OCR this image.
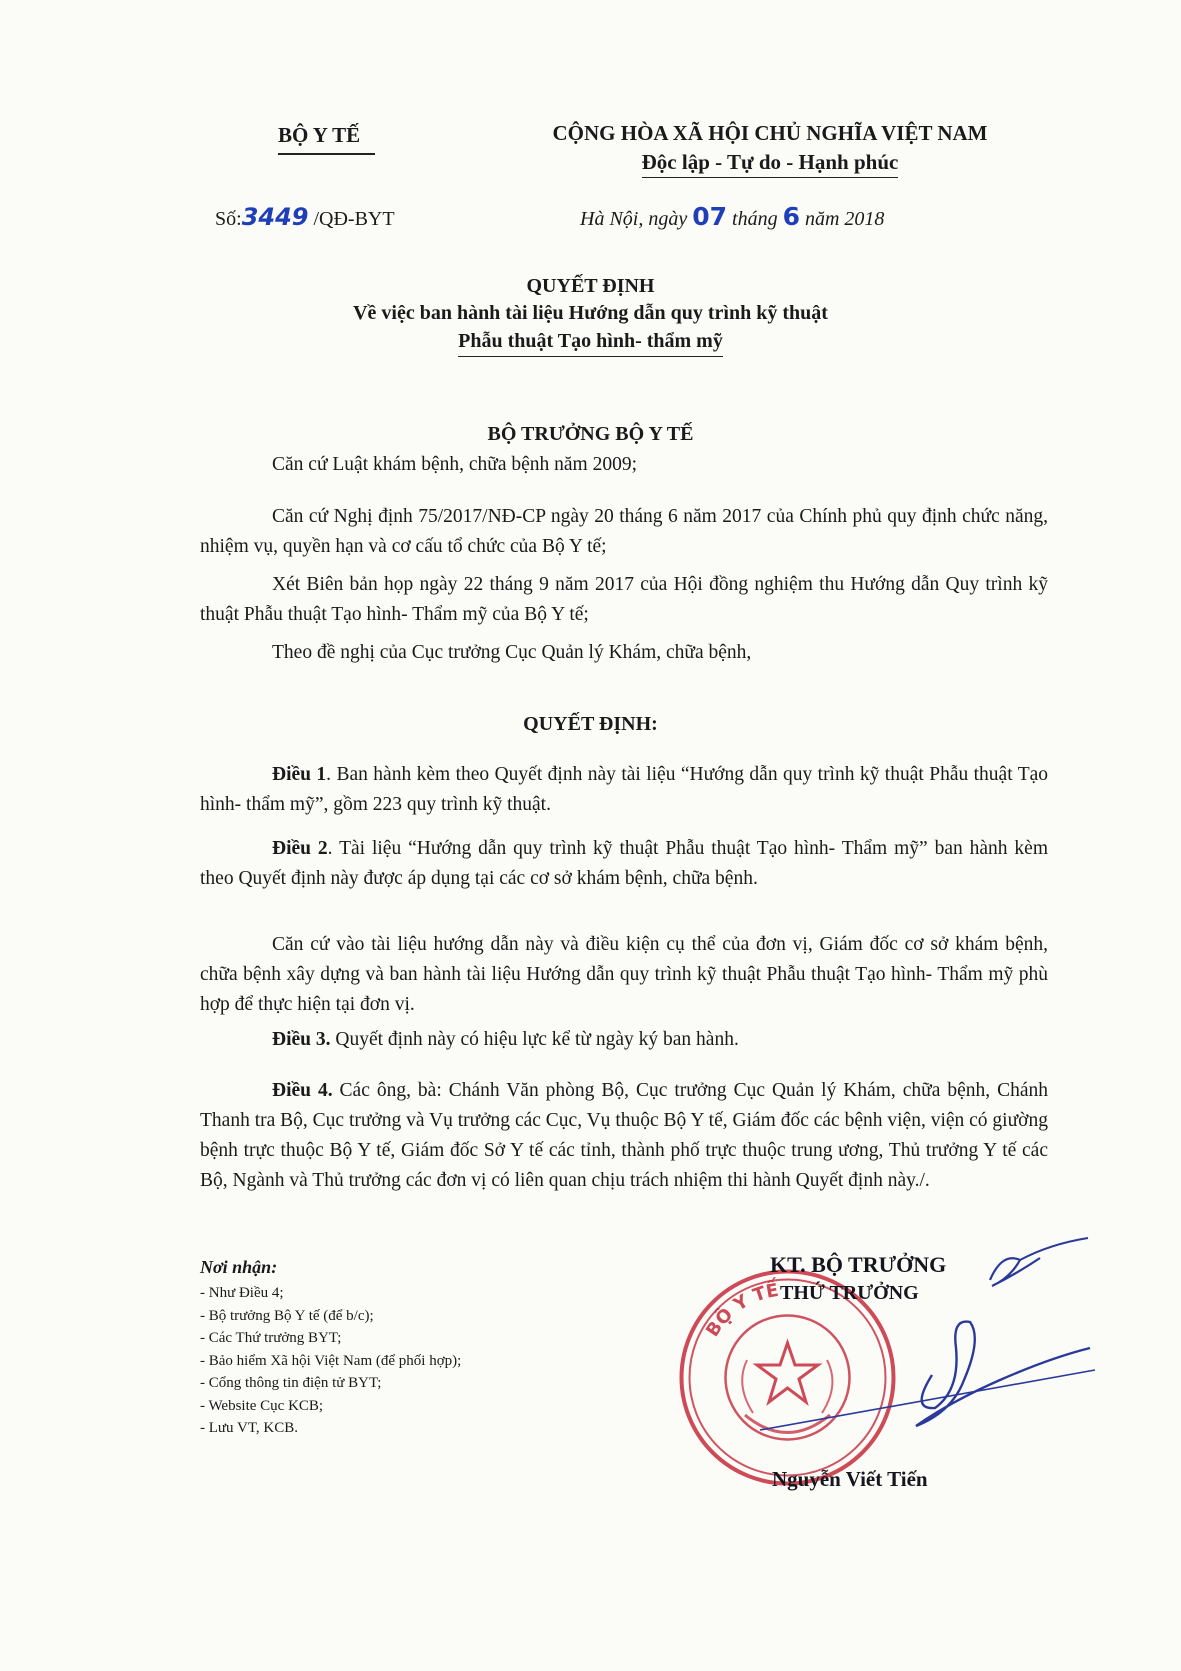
BỘ Y TẾ	CỘNG HÒA XÃ HỘI CHỦ NGHĨA VIỆT NAM
Độc lập - Tự do - Hạnh phúc
Số:3449 /QĐ-BYT	Hà Nội, ngày 07 tháng 6 năm 2018
QUYẾT ĐỊNH
Về việc ban hành tài liệu Hướng dẫn quy trình kỹ thuật
Phẫu thuật Tạo hình- thẩm mỹ
BỘ TRƯỞNG BỘ Y TẾ
Căn cứ Luật khám bệnh, chữa bệnh năm 2009;
Căn cứ Nghị định 75/2017/NĐ-CP ngày 20 tháng 6 năm 2017 của Chính phủ quy định chức năng, nhiệm vụ, quyền hạn và cơ cấu tổ chức của Bộ Y tế;
Xét Biên bản họp ngày 22 tháng 9 năm 2017 của Hội đồng nghiệm thu Hướng dẫn Quy trình kỹ thuật Phẫu thuật Tạo hình- Thẩm mỹ của Bộ Y tế;
Theo đề nghị của Cục trưởng Cục Quản lý Khám, chữa bệnh,
QUYẾT ĐỊNH:
Điều 1. Ban hành kèm theo Quyết định này tài liệu “Hướng dẫn quy trình kỹ thuật Phẫu thuật Tạo hình- thẩm mỹ”, gồm 223 quy trình kỹ thuật.
Điều 2. Tài liệu “Hướng dẫn quy trình kỹ thuật Phẫu thuật Tạo hình- Thẩm mỹ” ban hành kèm theo Quyết định này được áp dụng tại các cơ sở khám bệnh, chữa bệnh.
Căn cứ vào tài liệu hướng dẫn này và điều kiện cụ thể của đơn vị, Giám đốc cơ sở khám bệnh, chữa bệnh xây dựng và ban hành tài liệu Hướng dẫn quy trình kỹ thuật Phẫu thuật Tạo hình- Thẩm mỹ phù hợp để thực hiện tại đơn vị.
Điều 3. Quyết định này có hiệu lực kể từ ngày ký ban hành.
Điều 4. Các ông, bà: Chánh Văn phòng Bộ, Cục trưởng Cục Quản lý Khám, chữa bệnh, Chánh Thanh tra Bộ, Cục trưởng và Vụ trưởng các Cục, Vụ thuộc Bộ Y tế, Giám đốc các bệnh viện, viện có giường bệnh trực thuộc Bộ Y tế, Giám đốc Sở Y tế các tỉnh, thành phố trực thuộc trung ương, Thủ trưởng Y tế các Bộ, Ngành và Thủ trưởng các đơn vị có liên quan chịu trách nhiệm thi hành Quyết định này./.
Nơi nhận:
- Như Điều 4;
- Bộ trưởng Bộ Y tế (để b/c);
- Các Thứ trưởng BYT;
- Bảo hiểm Xã hội Việt Nam (để phối hợp);
- Cổng thông tin điện tử BYT;
- Website Cục KCB;
- Lưu VT, KCB.
BỘ Y TẾ
KT. BỘ TRƯỞNG
THỨ TRƯỞNG
Nguyễn Viết Tiến
